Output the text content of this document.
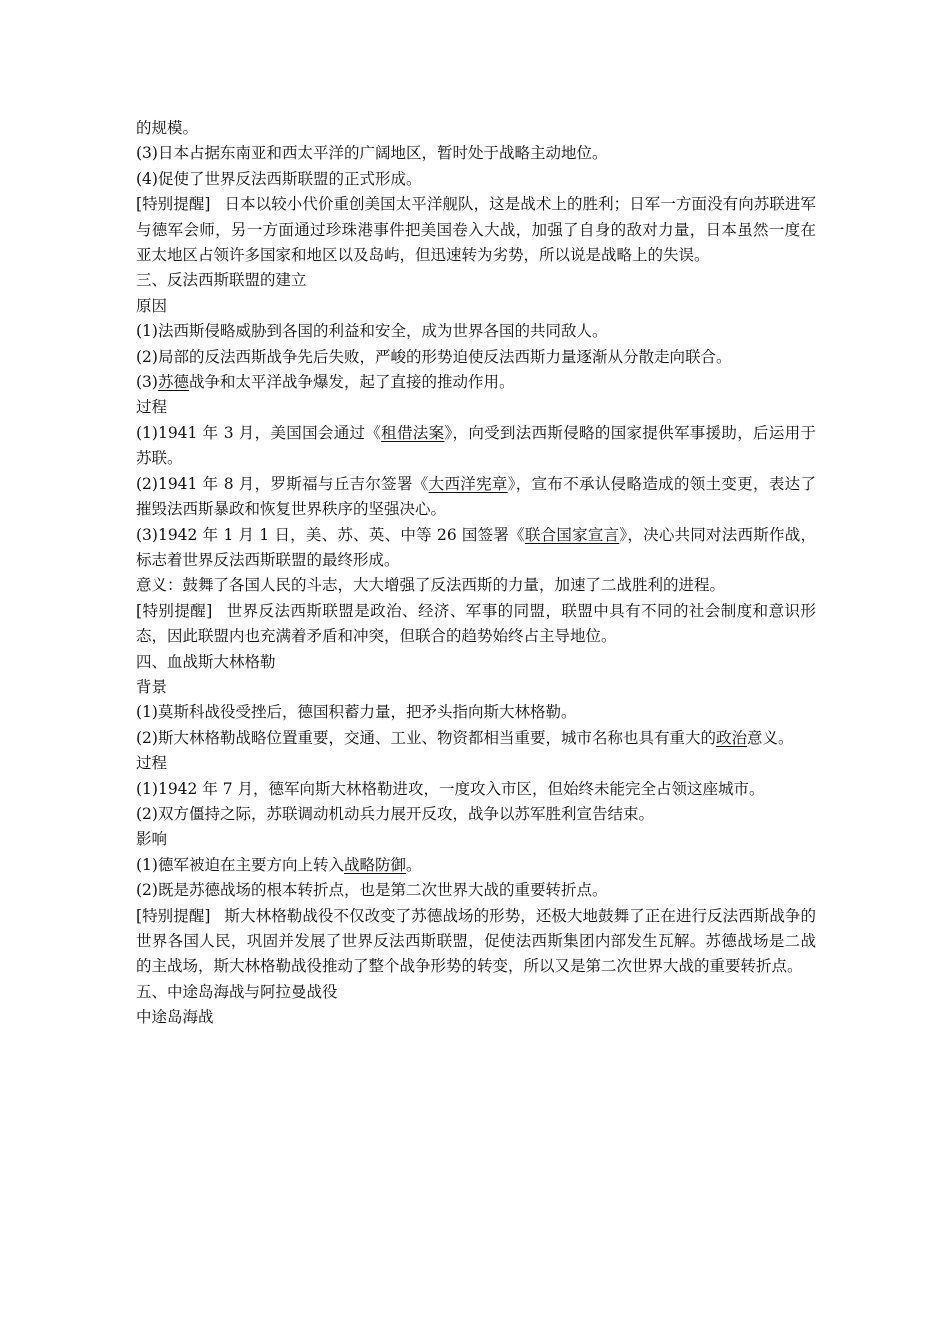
的规模。

(3)日本占据东南亚和西太平洋的广阔地区，暂时处于战略主动地位。

(4)促使了世界反法西斯联盟的正式形成。

[特别提醒] 日本以较小代价重创美国太平洋舰队，这是战术上的胜利；日军一方面没有向苏联进军与德军会师，另一方面通过珍珠港事件把美国卷入大战，加强了自身的敌对力量，日本虽然一度在亚太地区占领许多国家和地区以及岛屿，但迅速转为劣势，所以说是战略上的失误。

三、反法西斯联盟的建立

原因

(1)法西斯侵略威胁到各国的利益和安全，成为世界各国的共同敌人。

(2)局部的反法西斯战争先后失败，严峻的形势迫使反法西斯力量逐渐从分散走向联合。

(3)苏德战争和太平洋战争爆发，起了直接的推动作用。

过程

(1)1941 年 3 月，美国国会通过《租借法案》，向受到法西斯侵略的国家提供军事援助，后运用于苏联。

(2)1941 年 8 月，罗斯福与丘吉尔签署《大西洋宪章》，宣布不承认侵略造成的领土变更，表达了摧毁法西斯暴政和恢复世界秩序的坚强决心。

(3)1942 年 1 月 1 日，美、苏、英、中等 26 国签署《联合国家宣言》，决心共同对法西斯作战，标志着世界反法西斯联盟的最终形成。

意义：鼓舞了各国人民的斗志，大大增强了反法西斯的力量，加速了二战胜利的进程。

[特别提醒] 世界反法西斯联盟是政治、经济、军事的同盟，联盟中具有不同的社会制度和意识形态，因此联盟内也充满着矛盾和冲突，但联合的趋势始终占主导地位。

四、血战斯大林格勒

背景

(1)莫斯科战役受挫后，德国积蓄力量，把矛头指向斯大林格勒。

(2)斯大林格勒战略位置重要，交通、工业、物资都相当重要，城市名称也具有重大的政治意义。

过程

(1)1942 年 7 月，德军向斯大林格勒进攻，一度攻入市区，但始终未能完全占领这座城市。

(2)双方僵持之际，苏联调动机动兵力展开反攻，战争以苏军胜利宣告结束。

影响

(1)德军被迫在主要方向上转入战略防御。

(2)既是苏德战场的根本转折点，也是第二次世界大战的重要转折点。

[特别提醒] 斯大林格勒战役不仅改变了苏德战场的形势，还极大地鼓舞了正在进行反法西斯战争的世界各国人民，巩固并发展了世界反法西斯联盟，促使法西斯集团内部发生瓦解。苏德战场是二战的主战场，斯大林格勒战役推动了整个战争形势的转变，所以又是第二次世界大战的重要转折点。

五、中途岛海战与阿拉曼战役

中途岛海战
